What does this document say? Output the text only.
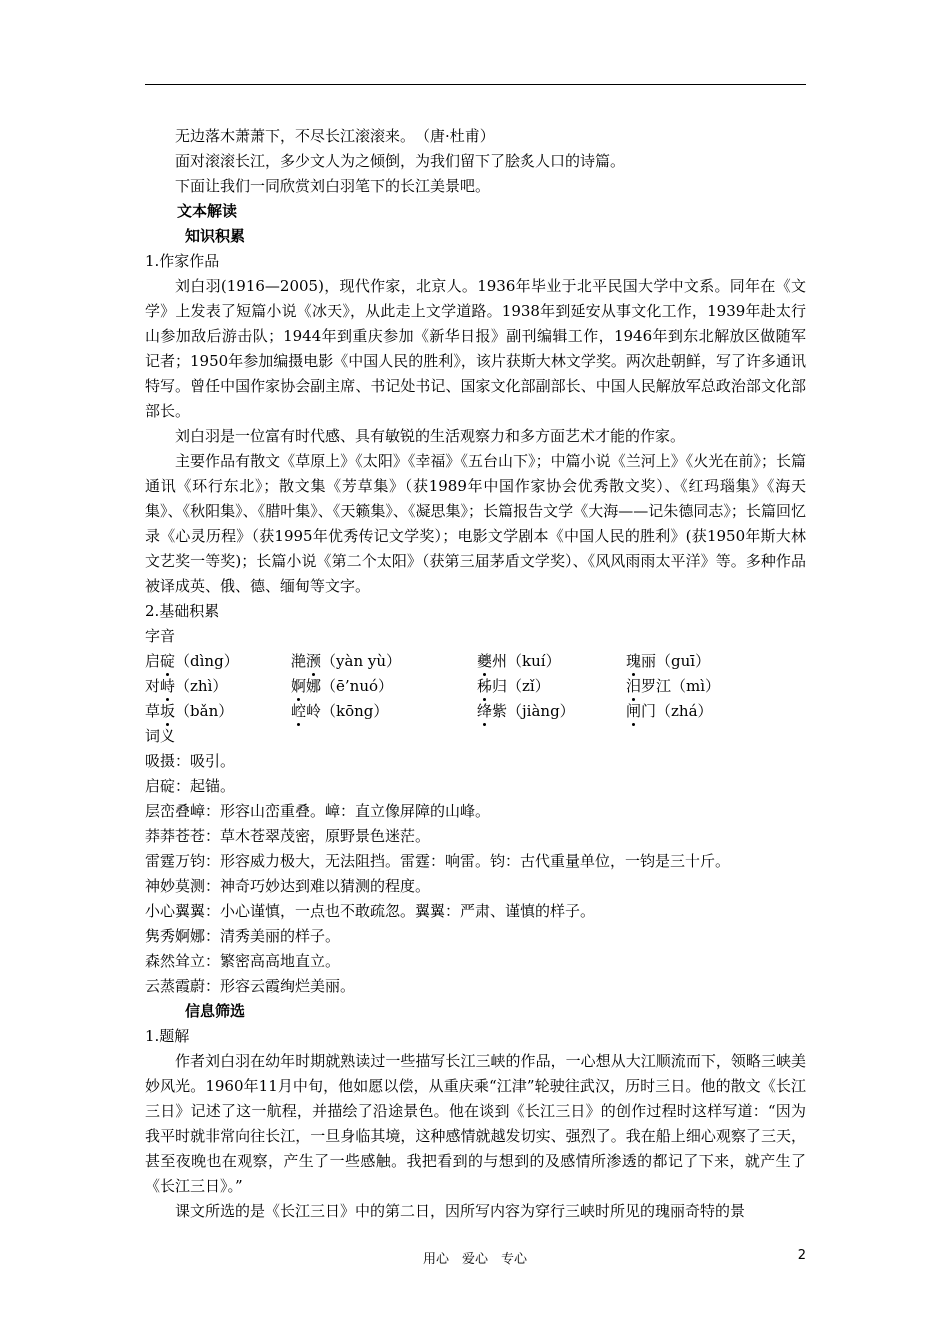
无边落木萧萧下，不尽长江滚滚来。　（唐·杜甫）
面对滚滚长江，多少文人为之倾倒，为我们留下了脍炙人口的诗篇。
下面让我们一同欣赏刘白羽笔下的长江美景吧。
文本解读
知识积累
1.作家作品

刘白羽(1916—2005)，现代作家，北京人。1936年毕业于北平民国大学中文系。同年在《文学》上发表了短篇小说《冰天》，从此走上文学道路。1938年到延安从事文化工作，1939年赴太行山参加敌后游击队；1944年到重庆参加《新华日报》副刊编辑工作，1946年到东北解放区做随军记者；1950年参加编摄电影《中国人民的胜利》，该片获斯大林文学奖。两次赴朝鲜，写了许多通讯特写。曾任中国作家协会副主席、书记处书记、国家文化部副部长、中国人民解放军总政治部文化部部长。

刘白羽是一位富有时代感、具有敏锐的生活观察力和多方面艺术才能的作家。

主要作品有散文《草原上》《太阳》《幸福》《五台山下》；中篇小说《兰河上》《火光在前》；长篇通讯《环行东北》；散文集《芳草集》（获1989年中国作家协会优秀散文奖）、《红玛瑙集》《海天集》、《秋阳集》、《腊叶集》、《天籁集》、《凝思集》；长篇报告文学《大海——记朱德同志》；长篇回忆录《心灵历程》（获1995年优秀传记文学奖）；电影文学剧本《中国人民的胜利》(获1950年斯大林文艺奖一等奖)；长篇小说《第二个太阳》（获第三届茅盾文学奖）、《风风雨雨太平洋》等。多种作品被译成英、俄、德、缅甸等文字。

2.基础积累
字音
启碇（dìng）	滟滪（yàn yù）	夔州（kuí）	瑰丽（guī）
对峙（zhì）	婀娜（ē’nuó）	秭归（zǐ）	汨罗江（mì）
草坂（bǎn）	崆岭（kōng）	绛紫（jiàng）	闸门（zhá）
词义
吸摄：吸引。
启碇：起锚。
层峦叠嶂：形容山峦重叠。嶂：直立像屏障的山峰。
莽莽苍苍：草木苍翠茂密，原野景色迷茫。
雷霆万钧：形容威力极大，无法阻挡。雷霆：响雷。钧：古代重量单位，一钧是三十斤。
神妙莫测：神奇巧妙达到难以猜测的程度。
小心翼翼：小心谨慎，一点也不敢疏忽。翼翼：严肃、谨慎的样子。
隽秀婀娜：清秀美丽的样子。
森然耸立：繁密高高地直立。
云蒸霞蔚：形容云霞绚烂美丽。
信息筛选
1.题解

作者刘白羽在幼年时期就熟读过一些描写长江三峡的作品，一心想从大江顺流而下，领略三峡美妙风光。1960年11月中旬，他如愿以偿，从重庆乘“江津”轮驶往武汉，历时三日。他的散文《长江三日》记述了这一航程，并描绘了沿途景色。他在谈到《长江三日》的创作过程时这样写道：“因为我平时就非常向往长江，一旦身临其境，这种感情就越发切实、强烈了。我在船上细心观察了三天，甚至夜晚也在观察，产生了一些感触。我把看到的与想到的及感情所渗透的都记了下来，就产生了《长江三日》。”

课文所选的是《长江三日》中的第二日，因所写内容为穿行三峡时所见的瑰丽奇特的景

用心　爱心　专心	2
